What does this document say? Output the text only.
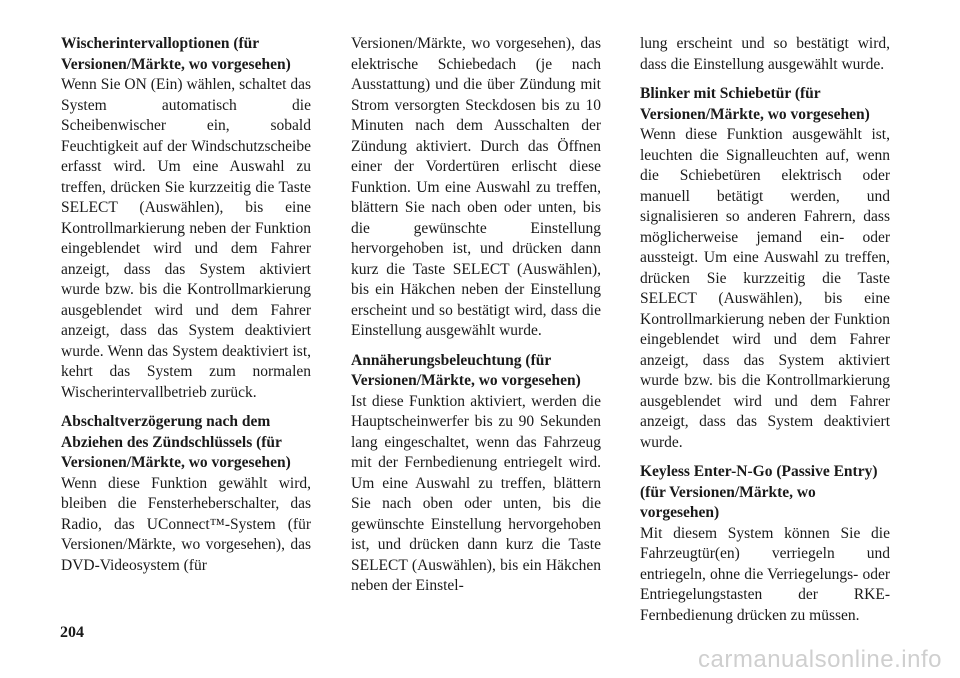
Wischerintervalloptionen (für Versionen/Märkte, wo vorgesehen)
Wenn Sie ON (Ein) wählen, schaltet das System automatisch die Scheibenwischer ein, sobald Feuchtigkeit auf der Windschutzscheibe erfasst wird. Um eine Auswahl zu treffen, drücken Sie kurzzeitig die Taste SELECT (Auswählen), bis eine Kontrollmarkierung neben der Funktion eingeblendet wird und dem Fahrer anzeigt, dass das System aktiviert wurde bzw. bis die Kontrollmarkierung ausgeblendet wird und dem Fahrer anzeigt, dass das System deaktiviert wurde. Wenn das System deaktiviert ist, kehrt das System zum normalen Wischerintervallbetrieb zurück.

Abschaltverzögerung nach dem Abziehen des Zündschlüssels (für Versionen/Märkte, wo vorgesehen)
Wenn diese Funktion gewählt wird, bleiben die Fensterheberschalter, das Radio, das UConnect™-System (für Versionen/Märkte, wo vorgesehen), das DVD-Videosystem (für

Versionen/Märkte, wo vorgesehen), das elektrische Schiebedach (je nach Ausstattung) und die über Zündung mit Strom versorgten Steckdosen bis zu 10 Minuten nach dem Ausschalten der Zündung aktiviert. Durch das Öffnen einer der Vordertüren erlischt diese Funktion. Um eine Auswahl zu treffen, blättern Sie nach oben oder unten, bis die gewünschte Einstellung hervorgehoben ist, und drücken dann kurz die Taste SELECT (Auswählen), bis ein Häkchen neben der Einstellung erscheint und so bestätigt wird, dass die Einstellung ausgewählt wurde.

Annäherungsbeleuchtung (für Versionen/Märkte, wo vorgesehen)
Ist diese Funktion aktiviert, werden die Hauptscheinwerfer bis zu 90 Sekunden lang eingeschaltet, wenn das Fahrzeug mit der Fernbedienung entriegelt wird. Um eine Auswahl zu treffen, blättern Sie nach oben oder unten, bis die gewünschte Einstellung hervorgehoben ist, und drücken dann kurz die Taste SELECT (Auswählen), bis ein Häkchen neben der Einstel-

lung erscheint und so bestätigt wird, dass die Einstellung ausgewählt wurde.

Blinker mit Schiebetür (für Versionen/Märkte, wo vorgesehen)
Wenn diese Funktion ausgewählt ist, leuchten die Signalleuchten auf, wenn die Schiebetüren elektrisch oder manuell betätigt werden, und signalisieren so anderen Fahrern, dass möglicherweise jemand ein- oder aussteigt. Um eine Auswahl zu treffen, drücken Sie kurzzeitig die Taste SELECT (Auswählen), bis eine Kontrollmarkierung neben der Funktion eingeblendet wird und dem Fahrer anzeigt, dass das System aktiviert wurde bzw. bis die Kontrollmarkierung ausgeblendet wird und dem Fahrer anzeigt, dass das System deaktiviert wurde.

Keyless Enter-N-Go (Passive Entry) (für Versionen/Märkte, wo vorgesehen)
Mit diesem System können Sie die Fahrzeugtür(en) verriegeln und entriegeln, ohne die Verriegelungs- oder Entriegelungstasten der RKE-Fernbedienung drücken zu müssen.

204
carmanualsonline.info
